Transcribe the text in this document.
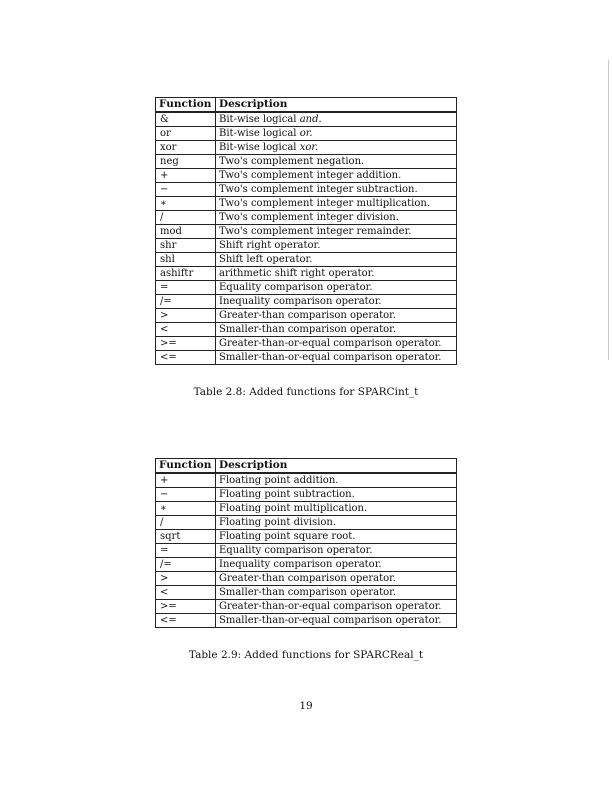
Function	Description
&	Bit-wise logical and.
or	Bit-wise logical or.
xor	Bit-wise logical xor.
neg	Two's complement negation.
+	Two's complement integer addition.
−	Two's complement integer subtraction.
∗	Two's complement integer multiplication.
/	Two's complement integer division.
mod	Two's complement integer remainder.
shr	Shift right operator.
shl	Shift left operator.
ashiftr	arithmetic shift right operator.
=	Equality comparison operator.
/=	Inequality comparison operator.
>	Greater-than comparison operator.
<	Smaller-than comparison operator.
>=	Greater-than-or-equal comparison operator.
<=	Smaller-than-or-equal comparison operator.
Table 2.8: Added functions for SPARCint_t
Function	Description
+	Floating point addition.
−	Floating point subtraction.
∗	Floating point multiplication.
/	Floating point division.
sqrt	Floating point square root.
=	Equality comparison operator.
/=	Inequality comparison operator.
>	Greater-than comparison operator.
<	Smaller-than comparison operator.
>=	Greater-than-or-equal comparison operator.
<=	Smaller-than-or-equal comparison operator.
Table 2.9: Added functions for SPARCReal_t
19
